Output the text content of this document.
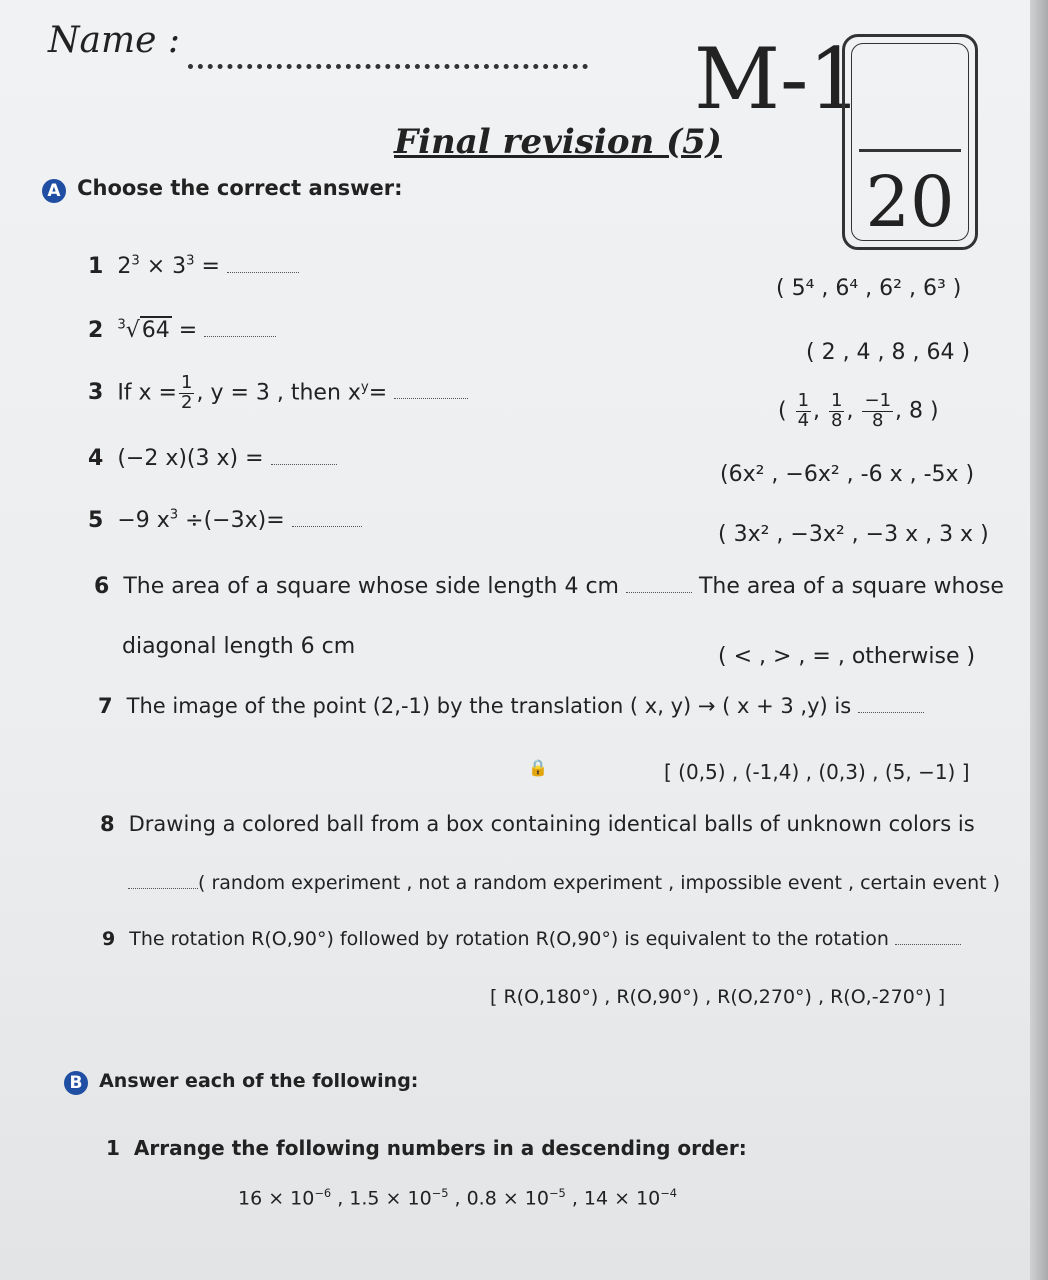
Name :	M-1
20
Final revision (5)
A Choose the correct answer:
1 $2^3 \times 3^3$ =
( 5⁴ , 6⁴ , 6² , 6³ )
2 $^3$√64 =
( 2 , 4 , 8 , 64 )
3 If $x = \frac{1}{2}$ , y = 3 , then $x^y=$
( $\frac{1}{4}$ , $\frac{1}{8}$ , $\frac{-1}{8}$ , 8 )
4 (−2 x)(3 x) =
(6x² , −6x² , -6 x , -5x )
5 −9 $x^3 \div(-3x)=$
( 3x² , −3x² , −3 x , 3 x )
6 The area of a square whose side length 4 cm	The area of a square whose
diagonal length 6 cm	( < , > , = , otherwise )
7 The image of the point (2,-1) by the translation ( x, y) → ( x + 3 ,y) is
🔒	[ (0,5) , (-1,4) , (0,3) , (5, −1) ]
8 Drawing a colored ball from a box containing identical balls of unknown colors is
( random experiment , not a random experiment , impossible event , certain event )
9 The rotation R(O,90°) followed by rotation R(O,90°) is equivalent to the rotation
[ R(O,180°) , R(O,90°) , R(O,270°) , R(O,-270°) ]
B Answer each of the following:
1 Arrange the following numbers in a descending order:
$16 \times 10^{-6}$ , $1.5 \times 10^{-5}$ , $0.8 \times 10^{-5}$ , $14 \times 10^{-4}$
